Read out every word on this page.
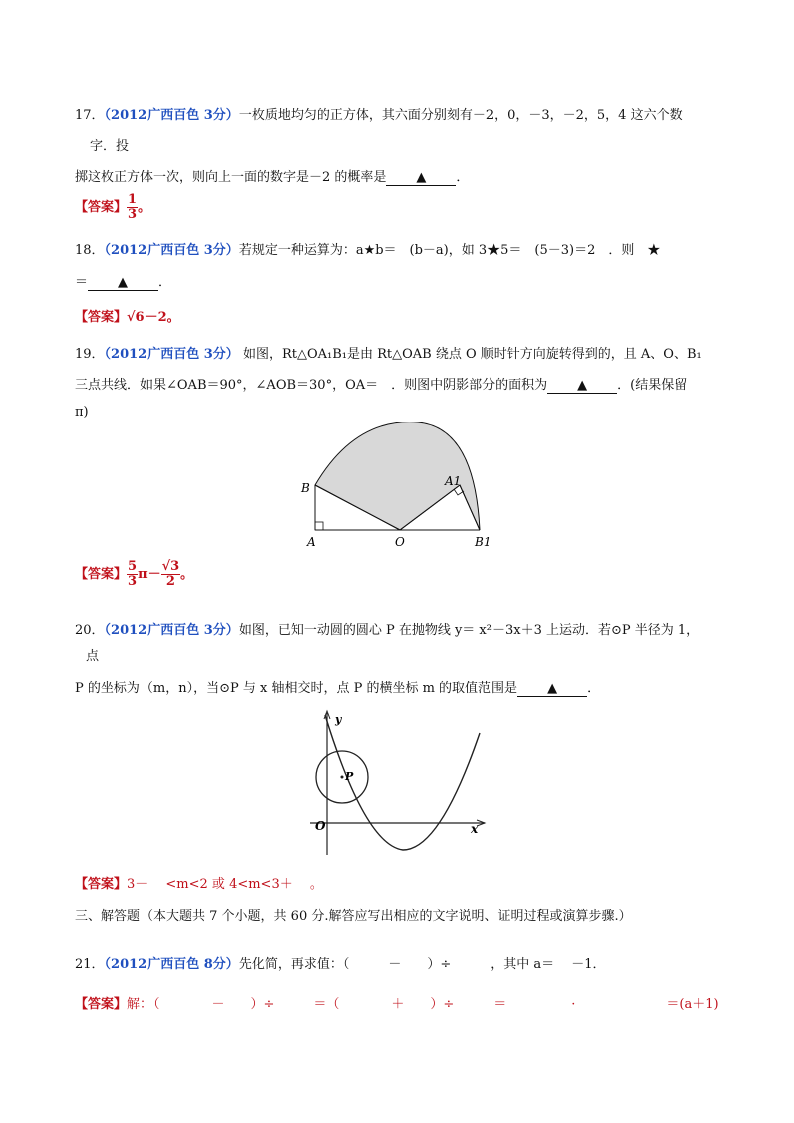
17．（2012广西百色 3分）一枚质地均匀的正方体，其六面分别刻有－2，0，－3，－2，5，4 这六个数
字．投
掷这枚正方体一次，则向上一面的数字是－2 的概率是 ▲ ．
【答案】 $\frac{1}{3}$ 。
18．（2012广西百色 3分）若规定一种运算为：a★b＝　(b－a)，如 3★5＝　(5－3)＝2　．则　★
＝ ▲ ．
【答案】√6－2。
19．（2012广西百色 3分） 如图，Rt△OA₁B₁是由 Rt△OAB 绕点 O 顺时针方向旋转得到的，且 A、O、B₁
三点共线．如果∠OAB＝90°，∠AOB＝30°，OA＝　．则图中阴影部分的面积为 ▲ ．(结果保留
π)
B	A1
A	O	B1
【答案】 $\frac{5}{3} \pi- \frac{√3}{2}$ 。
20．（2012广西百色 3分）如图，已知一动圆的圆心 P 在抛物线 y＝ x²－3x＋3 上运动．若⊙P 半径为 1，
点
P 的坐标为（m，n），当⊙P 与 x 轴相交时，点 P 的横坐标 m 的取值范围是 ▲ ．
y
P
O	x
【答案】3－　 <m<2 或 4<m<3＋　 。
三、解答题（本大题共 7 个小题，共 60 分.解答应写出相应的文字说明、证明过程或演算步骤.）
21．（2012广西百色 8分）先化简，再求值：（　　　－　　）÷　　　，其中 a＝　 －1．
【答案】解：（　　　　－　　）÷　　　＝（　　　　＋　　）÷　　　＝　　　　　·　　　　　　　＝(a＋1)
